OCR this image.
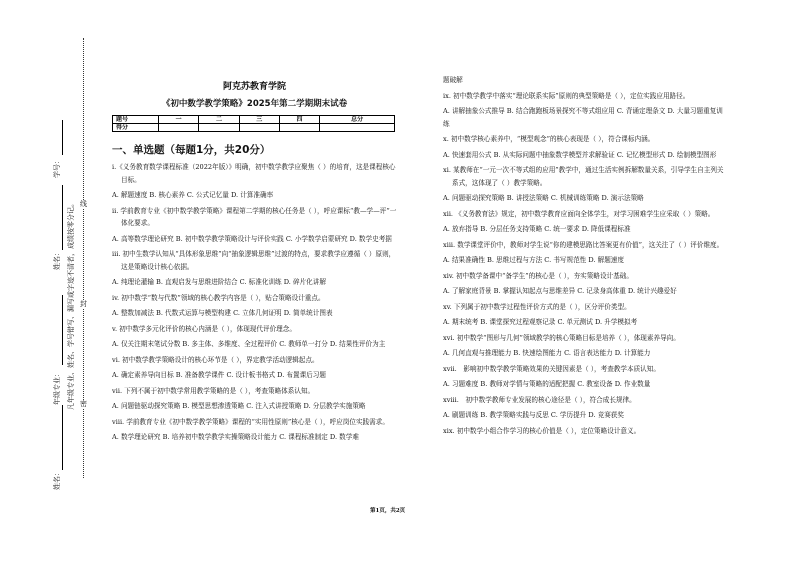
密
封
线
学号：
姓名：
年级专业：
姓名：
凡年级专业、姓名、学号错写、漏写或字迹不清者，成绩按零分记。
阿克苏教育学院
《初中数学教学策略》2025年第二学期期末试卷
题号	一	二	三	四	总分
得分					
一、单选题（每题1分，共20分）
i.《义务教育数学课程标准（2022年版）》明确，初中数学教学应聚焦（ ）的培育，这是课程核心目标。
A. 解题速度 B. 核心素养 C. 公式记忆量 D. 计算准确率
ii. 学前教育专业《初中数学教学策略》课程第二学期的核心任务是（ ），呼应课标“教—学—评”一体化要求。
A. 高等数学理论研究 B. 初中数学教学策略设计与评价实践 C. 小学数学启蒙研究 D. 数学史考据
iii. 初中生数学认知从“具体形象思维”向“抽象逻辑思维”过渡的特点，要求教学应遵循（ ）原则，这是策略设计核心依据。
A. 纯理论灌输 B. 直观启发与思维进阶结合 C. 标准化训练 D. 碎片化讲解
iv. 初中数学“数与代数”领域的核心教学内容是（ ），贴合策略设计重点。
A. 整数加减法 B. 代数式运算与模型构建 C. 立体几何证明 D. 简单统计图表
v. 初中数学多元化评价的核心内涵是（ ），体现现代评价理念。
A. 仅关注期末笔试分数 B. 多主体、多维度、全过程评价 C. 教师单一打分 D. 结果性评价为主
vi. 初中数学教学策略设计的核心环节是（ ），界定教学活动逻辑起点。
A. 确定素养导向目标 B. 准备教学课件 C. 设计板书格式 D. 布置课后习题
vii. 下列不属于初中数学常用教学策略的是（ ），考查策略体系认知。
A. 问题链驱动探究策略 B. 模型思想渗透策略 C. 注入式讲授策略 D. 分层教学实施策略
viii. 学前教育专业《初中数学教学策略》课程的“实用性原则”核心是（ ），呼应岗位实践需求。
A. 数学理论研究 B. 培养初中数学教学实操策略设计能力 C. 课程标准制定 D. 数学难
题破解
ix. 初中数学教学中落实“理论联系实际”原则的典型策略是（ ），定位实践应用路径。
A. 讲解抽象公式推导 B. 结合跑跑板场景探究不等式组应用 C. 背诵定理条文 D. 大量习题重复训练
x. 初中数学核心素养中，“模型观念”的核心表现是（ ），符合课标内涵。
A. 快速套用公式 B. 从实际问题中抽象数学模型并求解验证 C. 记忆模型形式 D. 绘制模型图形
xi. 某教师在“一元一次不等式组的应用”教学中，通过生活实例拆解数量关系，引导学生自主列关系式，这体现了（ ）教学策略。
A. 问题驱动探究策略 B. 讲授法策略 C. 机械训练策略 D. 演示法策略
xii. 《义务教育法》规定，初中数学教育应面向全体学生，对学习困难学生应采取（ ）策略。
A. 放弃指导 B. 分层任务支持策略 C. 统一要求 D. 降低课程标准
xiii. 数学课堂评价中，教师对学生说“你的建模思路比答案更有价值”，这关注了（ ）评价维度。
A. 结果准确性 B. 思维过程与方法 C. 书写规范性 D. 解题速度
xiv. 初中数学备课中“备学生”的核心是（ ），夯实策略设计基础。
A. 了解家庭背景 B. 掌握认知起点与思维差异 C. 记录身高体重 D. 统计兴趣爱好
xv. 下列属于初中数学过程性评价方式的是（ ），区分评价类型。
A. 期末统考 B. 课堂探究过程观察记录 C. 单元测试 D. 升学模拟考
xvi. 初中数学“图形与几何”领域教学的核心策略目标是培养（ ），体现素养导向。
A. 几何直观与推理能力 B. 快速绘图能力 C. 语言表达能力 D. 计算能力
xvii.　影响初中数学教学策略效果的关键因素是（ ），考查教学本质认知。
A. 习题难度 B. 教师对学情与策略的适配把握 C. 教室设备 D. 作业数量
xviii.　初中数学教师专业发展的核心途径是（ ），符合成长规律。
A. 刷题训练 B. 教学策略实践与反思 C. 学历提升 D. 竞赛获奖
xix. 初中数学小组合作学习的核心价值是（ ），定位策略设计意义。
第1页，共2页
